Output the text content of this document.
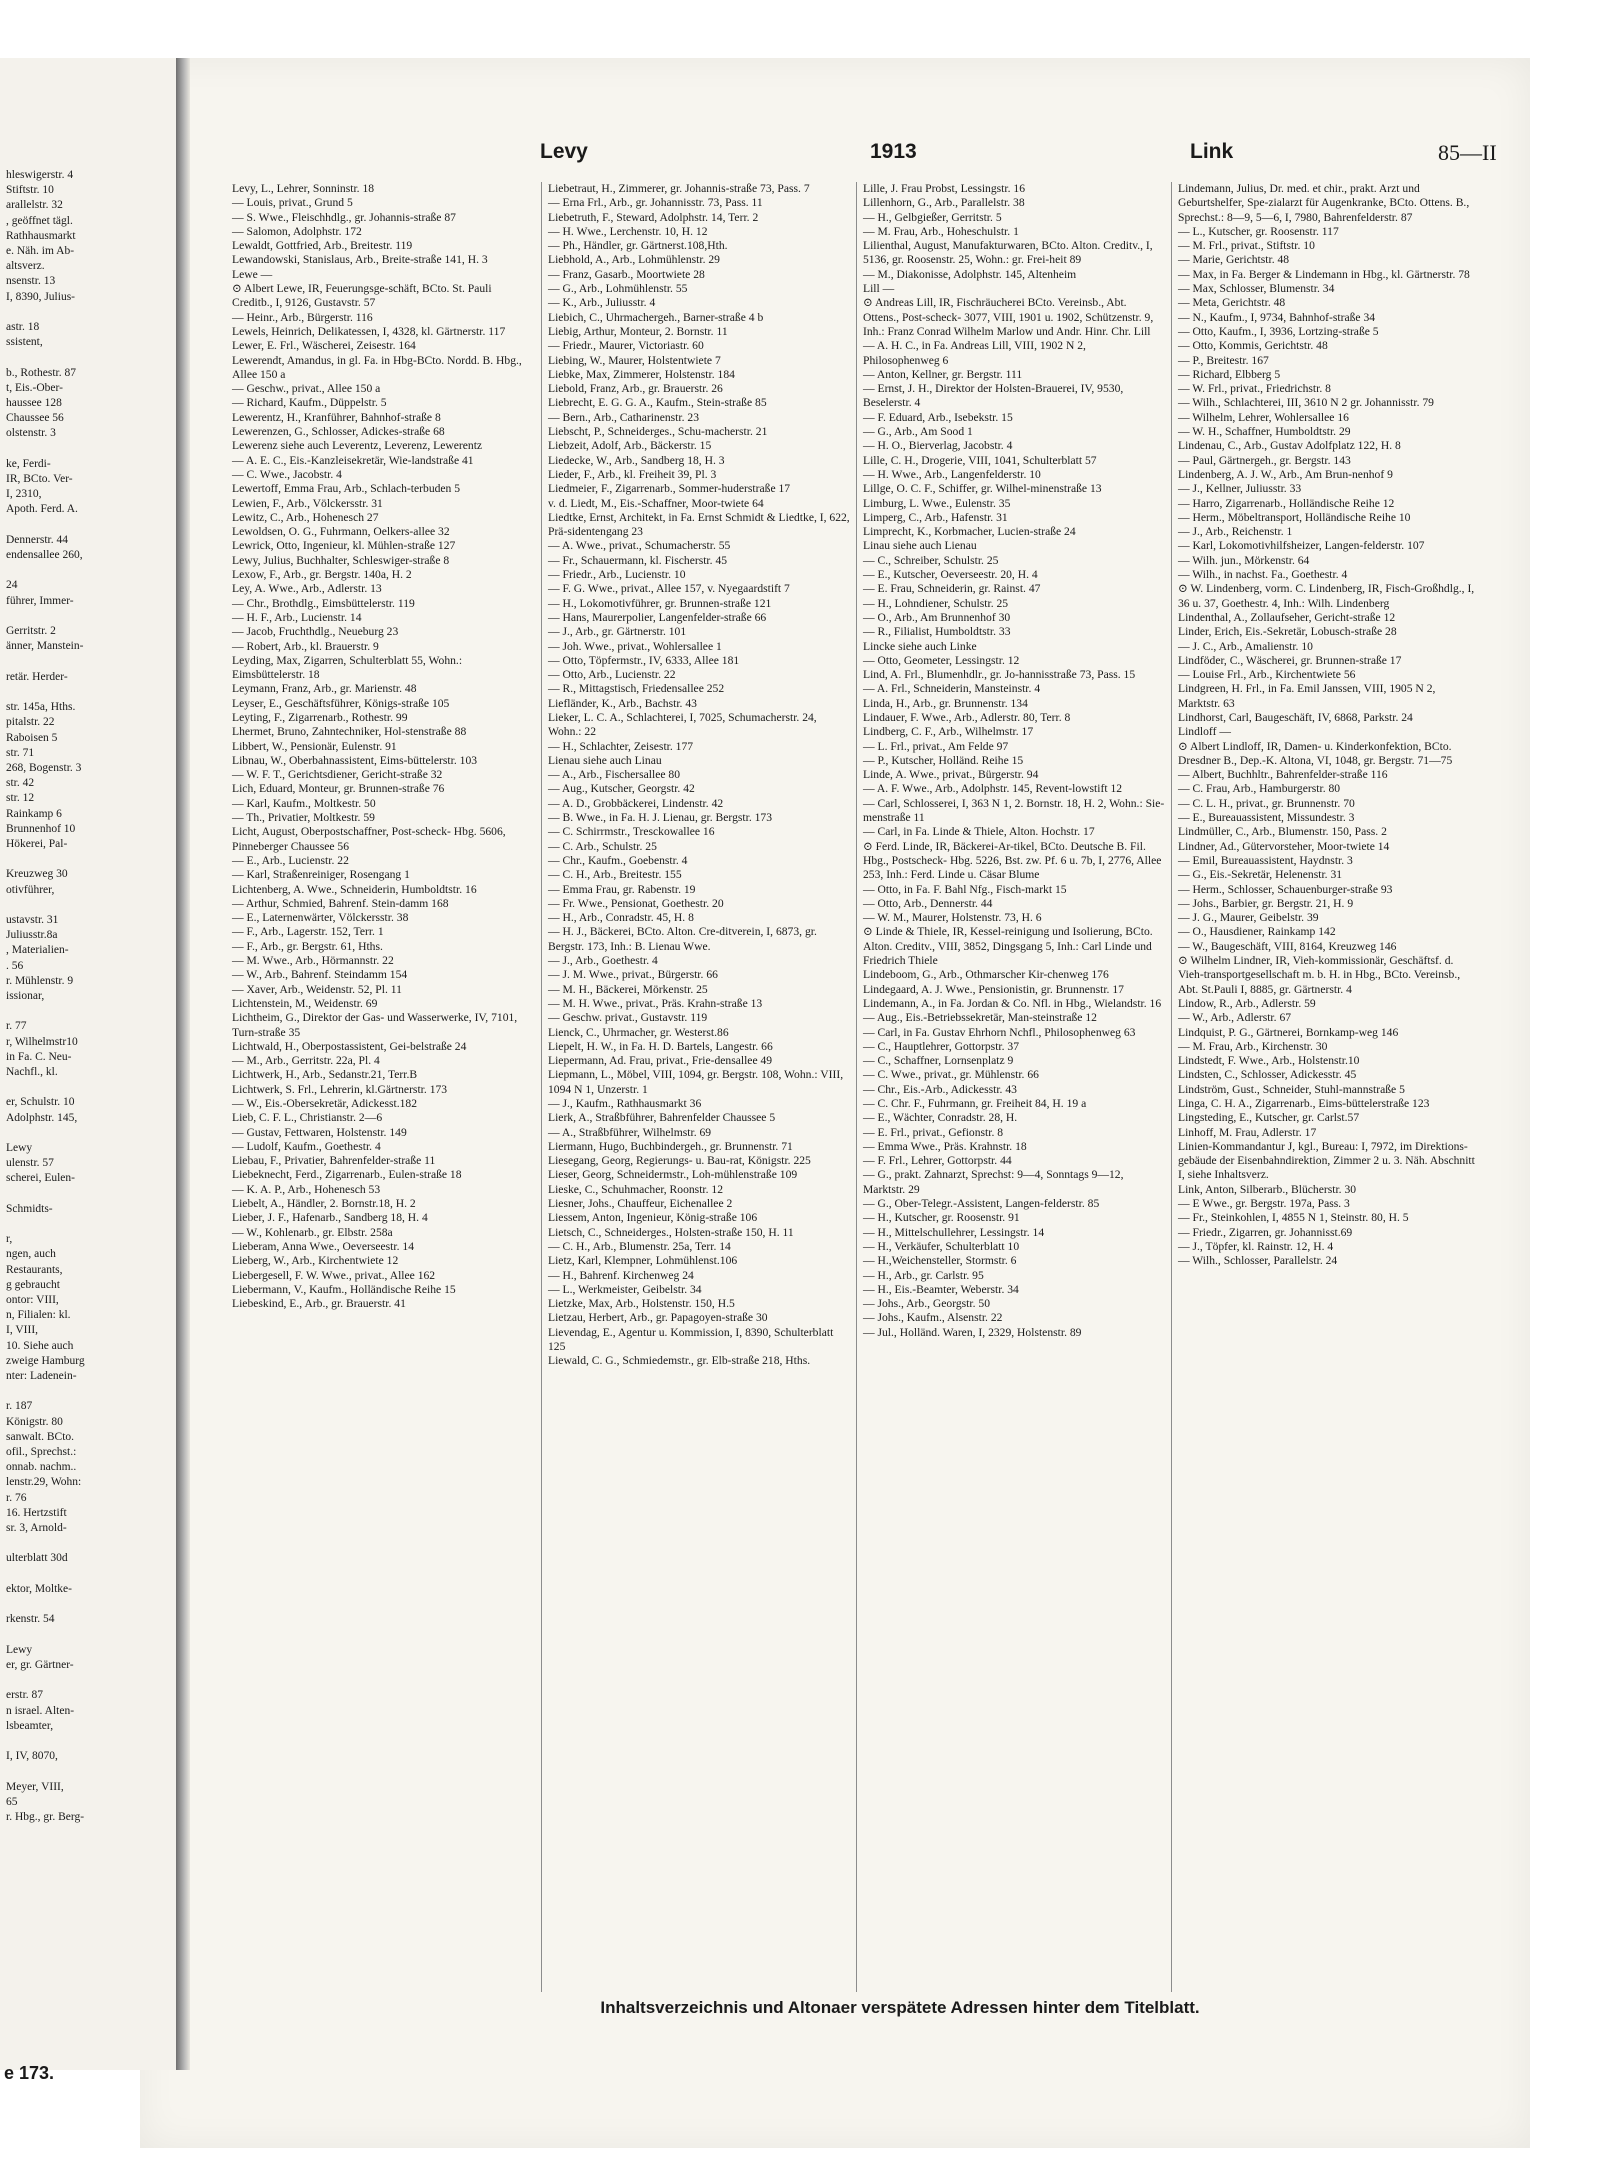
hleswigerstr. 4
Stiftstr. 10
arallelstr. 32
, geöffnet tägl.
Rathhausmarkt
e. Näh. im Ab-
altsverz.
nsenstr. 13
I, 8390, Julius-

astr. 18
ssistent,

b., Rothestr. 87
t, Eis.-Ober-
haussee 128
Chaussee 56
olstenstr. 3

ke, Ferdi-
IR, BCto. Ver-
I, 2310,
Apoth. Ferd. A.

Dennerstr. 44
endensallee 260,

24
führer, Immer-

Gerritstr. 2
änner, Manstein-

retär. Herder-

str. 145a, Hths.
pitalstr. 22
Raboisen 5
str. 71
268, Bogenstr. 3
str. 42
str. 12
Rainkamp 6
Brunnenhof 10
Hökerei, Pal-

Kreuzweg 30
otivführer,

ustavstr. 31
Juliusstr.8a
, Materialien-
. 56
r. Mühlenstr. 9
issionar,

r. 77
r, Wilhelmstr10
in Fa. C. Neu-
Nachfl., kl.

er, Schulstr. 10
Adolphstr. 145,

Lewy
ulenstr. 57
scherei, Eulen-

Schmidts-

r,
ngen, auch
Restaurants,
g gebraucht
ontor: VIII,
n, Filialen: kl.
I, VIII,
10. Siehe auch
zweige Hamburg
nter: Ladenein-

r. 187
Königstr. 80
sanwalt. BCto.
ofil., Sprechst.:
onnab. nachm..
lenstr.29, Wohn:
r. 76
16. Hertzstift
sr. 3, Arnold-

ulterblatt 30d

ektor, Moltke-

rkenstr. 54

Lewy
er, gr. Gärtner-

erstr. 87
n israel. Alten-
lsbeamter,

I, IV, 8070,

Meyer, VIII,
65
r. Hbg., gr. Berg-
e 173.
Levy	1913	Link	85—II

Levy, L., Lehrer, Sonninstr. 18

— Louis, privat., Grund 5

— S. Wwe., Fleischhdlg., gr. Johannis-straße 87

— Salomon, Adolphstr. 172

Lewaldt, Gottfried, Arb., Breitestr. 119

Lewandowski, Stanislaus, Arb., Breite-straße 141, H. 3

Lewe —

⊙ Albert Lewe, IR, Feuerungsge-schäft, BCto. St. Pauli Creditb., I, 9126, Gustavstr. 57

— Heinr., Arb., Bürgerstr. 116

Lewels, Heinrich, Delikatessen, I, 4328, kl. Gärtnerstr. 117

Lewer, E. Frl., Wäscherei, Zeisestr. 164

Lewerendt, Amandus, in gl. Fa. in Hbg-BCto. Nordd. B. Hbg., Allee 150 a

— Geschw., privat., Allee 150 a

— Richard, Kaufm., Düppelstr. 5

Lewerentz, H., Kranführer, Bahnhof-straße 8

Lewerenzen, G., Schlosser, Adickes-straße 68

Lewerenz siehe auch Leverentz, Leverenz, Lewerentz

— A. E. C., Eis.-Kanzleisekretär, Wie-landstraße 41

— C. Wwe., Jacobstr. 4

Lewertoff, Emma Frau, Arb., Schlach-terbuden 5

Lewien, F., Arb., Völckersstr. 31

Lewitz, C., Arb., Hohenesch 27

Lewoldsen, O. G., Fuhrmann, Oelkers-allee 32

Lewrick, Otto, Ingenieur, kl. Mühlen-straße 127

Lewy, Julius, Buchhalter, Schleswiger-straße 8

Lexow, F., Arb., gr. Bergstr. 140a, H. 2

Ley, A. Wwe., Arb., Adlerstr. 13

— Chr., Brothdlg., Eimsbüttelerstr. 119

— H. F., Arb., Lucienstr. 14

— Jacob, Fruchthdlg., Neueburg 23

— Robert, Arb., kl. Brauerstr. 9

Leyding, Max, Zigarren, Schulterblatt 55, Wohn.: Eimsbüttelerstr. 18

Leymann, Franz, Arb., gr. Marienstr. 48

Leyser, E., Geschäftsführer, Königs-straße 105

Leyting, F., Zigarrenarb., Rothestr. 99

Lhermet, Bruno, Zahntechniker, Hol-stenstraße 88

Libbert, W., Pensionär, Eulenstr. 91

Libnau, W., Oberbahnassistent, Eims-büttelerstr. 103

— W. F. T., Gerichtsdiener, Gericht-straße 32

Lich, Eduard, Monteur, gr. Brunnen-straße 76

— Karl, Kaufm., Moltkestr. 50

— Th., Privatier, Moltkestr. 59

Licht, August, Oberpostschaffner, Post-scheck- Hbg. 5606, Pinneberger Chaussee 56

— E., Arb., Lucienstr. 22

— Karl, Straßenreiniger, Rosengang 1

Lichtenberg, A. Wwe., Schneiderin, Humboldtstr. 16

— Arthur, Schmied, Bahrenf. Stein-damm 168

— E., Laternenwärter, Völckersstr. 38

— F., Arb., Lagerstr. 152, Terr. 1

— F., Arb., gr. Bergstr. 61, Hths.

— M. Wwe., Arb., Hörmannstr. 22

— W., Arb., Bahrenf. Steindamm 154

— Xaver, Arb., Weidenstr. 52, Pl. 11

Lichtenstein, M., Weidenstr. 69

Lichtheim, G., Direktor der Gas- und Wasserwerke, IV, 7101, Turn-straße 35

Lichtwald, H., Oberpostassistent, Gei-belstraße 24

— M., Arb., Gerritstr. 22a, Pl. 4

Lichtwerk, H., Arb., Sedanstr.21, Terr.B

Lichtwerk, S. Frl., Lehrerin, kl.Gärtnerstr. 173

— W., Eis.-Obersekretär, Adickesst.182

Lieb, C. F. L., Christianstr. 2—6

— Gustav, Fettwaren, Holstenstr. 149

— Ludolf, Kaufm., Goethestr. 4

Liebau, F., Privatier, Bahrenfelder-straße 11

Liebeknecht, Ferd., Zigarrenarb., Eulen-straße 18

— K. A. P., Arb., Hohenesch 53

Liebelt, A., Händler, 2. Bornstr.18, H. 2

Lieber, J. F., Hafenarb., Sandberg 18, H. 4

— W., Kohlenarb., gr. Elbstr. 258a

Lieberam, Anna Wwe., Oeverseestr. 14

Lieberg, W., Arb., Kirchentwiete 12

Liebergesell, F. W. Wwe., privat., Allee 162

Liebermann, V., Kaufm., Holländische Reihe 15

Liebeskind, E., Arb., gr. Brauerstr. 41

Liebetraut, H., Zimmerer, gr. Johannis-straße 73, Pass. 7

— Erna Frl., Arb., gr. Johannisstr. 73, Pass. 11

Liebetruth, F., Steward, Adolphstr. 14, Terr. 2

— H. Wwe., Lerchenstr. 10, H. 12

— Ph., Händler, gr. Gärtnerst.108,Hth.

Liebhold, A., Arb., Lohmühlenstr. 29

— Franz, Gasarb., Moortwiete 28

— G., Arb., Lohmühlenstr. 55

— K., Arb., Juliusstr. 4

Liebich, C., Uhrmachergeh., Barner-straße 4 b

Liebig, Arthur, Monteur, 2. Bornstr. 11

— Friedr., Maurer, Victoriastr. 60

Liebing, W., Maurer, Holstentwiete 7

Liebke, Max, Zimmerer, Holstenstr. 184

Liebold, Franz, Arb., gr. Brauerstr. 26

Liebrecht, E. G. G. A., Kaufm., Stein-straße 85

— Bern., Arb., Catharinenstr. 23

Liebscht, P., Schneiderges., Schu-macherstr. 21

Liebzeit, Adolf, Arb., Bäckerstr. 15

Liedecke, W., Arb., Sandberg 18, H. 3

Lieder, F., Arb., kl. Freiheit 39, Pl. 3

Liedmeier, F., Zigarrenarb., Sommer-huderstraße 17

v. d. Liedt, M., Eis.-Schaffner, Moor-twiete 64

Liedtke, Ernst, Architekt, in Fa. Ernst Schmidt & Liedtke, I, 622, Prä-sidentengang 23

— A. Wwe., privat., Schumacherstr. 55

— Fr., Schauermann, kl. Fischerstr. 45

— Friedr., Arb., Lucienstr. 10

— F. G. Wwe., privat., Allee 157, v. Nyegaardstift 7

— H., Lokomotivführer, gr. Brunnen-straße 121

— Hans, Maurerpolier, Langenfelder-straße 66

— J., Arb., gr. Gärtnerstr. 101

— Joh. Wwe., privat., Wohlersallee 1

— Otto, Töpfermstr., IV, 6333, Allee 181

— Otto, Arb., Lucienstr. 22

— R., Mittagstisch, Friedensallee 252

Liefländer, K., Arb., Bachstr. 43

Lieker, L. C. A., Schlachterei, I, 7025, Schumacherstr. 24, Wohn.: 22

— H., Schlachter, Zeisestr. 177

Lienau siehe auch Linau

— A., Arb., Fischersallee 80

— Aug., Kutscher, Georgstr. 42

— A. D., Grobbäckerei, Lindenstr. 42

— B. Wwe., in Fa. H. J. Lienau, gr. Bergstr. 173

— C. Schirrmstr., Tresckowallee 16

— C. Arb., Schulstr. 25

— Chr., Kaufm., Goebenstr. 4

— C. H., Arb., Breitestr. 155

— Emma Frau, gr. Rabenstr. 19

— Fr. Wwe., Pensionat, Goethestr. 20

— H., Arb., Conradstr. 45, H. 8

— H. J., Bäckerei, BCto. Alton. Cre-ditverein, I, 6873, gr. Bergstr. 173, Inh.: B. Lienau Wwe.

— J., Arb., Goethestr. 4

— J. M. Wwe., privat., Bürgerstr. 66

— M. H., Bäckerei, Mörkenstr. 25

— M. H. Wwe., privat., Präs. Krahn-straße 13

— Geschw. privat., Gustavstr. 119

Lienck, C., Uhrmacher, gr. Westerst.86

Liepelt, H. W., in Fa. H. D. Bartels, Langestr. 66

Liepermann, Ad. Frau, privat., Frie-densallee 49

Liepmann, L., Möbel, VIII, 1094, gr. Bergstr. 108, Wohn.: VIII, 1094 N 1, Unzerstr. 1

— J., Kaufm., Rathhausmarkt 36

Lierk, A., Straßbführer, Bahrenfelder Chaussee 5

— A., Straßbführer, Wilhelmstr. 69

Liermann, Hugo, Buchbindergeh., gr. Brunnenstr. 71

Liesegang, Georg, Regierungs- u. Bau-rat, Königstr. 225

Lieser, Georg, Schneidermstr., Loh-mühlenstraße 109

Lieske, C., Schuhmacher, Roonstr. 12

Liesner, Johs., Chauffeur, Eichenallee 2

Liessem, Anton, Ingenieur, König-straße 106

Lietsch, C., Schneiderges., Holsten-straße 150, H. 11

— C. H., Arb., Blumenstr. 25a, Terr. 14

Lietz, Karl, Klempner, Lohmühlenst.106

— H., Bahrenf. Kirchenweg 24

— L., Werkmeister, Geibelstr. 34

Lietzke, Max, Arb., Holstenstr. 150, H.5

Lietzau, Herbert, Arb., gr. Papagoyen-straße 30

Lievendag, E., Agentur u. Kommission, I, 8390, Schulterblatt 125

Liewald, C. G., Schmiedemstr., gr. Elb-straße 218, Hths.

Lille, J. Frau Probst, Lessingstr. 16

Lillenhorn, G., Arb., Parallelstr. 38

— H., Gelbgießer, Gerritstr. 5

— M. Frau, Arb., Hoheschulstr. 1

Lilienthal, August, Manufakturwaren, BCto. Alton. Creditv., I, 5136, gr. Roosenstr. 25, Wohn.: gr. Frei-heit 89

— M., Diakonisse, Adolphstr. 145, Altenheim

Lill —

⊙ Andreas Lill, IR, Fischräucherei BCto. Vereinsb., Abt. Ottens., Post-scheck- 3077, VIII, 1901 u. 1902, Schützenstr. 9, Inh.: Franz Conrad Wilhelm Marlow und Andr. Hinr. Chr. Lill

— A. H. C., in Fa. Andreas Lill, VIII, 1902 N 2, Philosophenweg 6

— Anton, Kellner, gr. Bergstr. 111

— Ernst, J. H., Direktor der Holsten-Brauerei, IV, 9530, Beselerstr. 4

— F. Eduard, Arb., Isebekstr. 15

— G., Arb., Am Sood 1

— H. O., Bierverlag, Jacobstr. 4

Lille, C. H., Drogerie, VIII, 1041, Schulterblatt 57

— H. Wwe., Arb., Langenfelderstr. 10

Lillge, O. C. F., Schiffer, gr. Wilhel-minenstraße 13

Limburg, L. Wwe., Eulenstr. 35

Limperg, C., Arb., Hafenstr. 31

Limprecht, K., Korbmacher, Lucien-straße 24

Linau siehe auch Lienau

— C., Schreiber, Schulstr. 25

— E., Kutscher, Oeverseestr. 20, H. 4

— E. Frau, Schneiderin, gr. Rainst. 47

— H., Lohndiener, Schulstr. 25

— O., Arb., Am Brunnenhof 30

— R., Filialist, Humboldtstr. 33

Lincke siehe auch Linke

— Otto, Geometer, Lessingstr. 12

Lind, A. Frl., Blumenhdlr., gr. Jo-hannisstraße 73, Pass. 15

— A. Frl., Schneiderin, Mansteinstr. 4

Linda, H., Arb., gr. Brunnenstr. 134

Lindauer, F. Wwe., Arb., Adlerstr. 80, Terr. 8

Lindberg, C. F., Arb., Wilhelmstr. 17

— L. Frl., privat., Am Felde 97

— P., Kutscher, Holländ. Reihe 15

Linde, A. Wwe., privat., Bürgerstr. 94

— A. F. Wwe., Arb., Adolphstr. 145, Revent-lowstift 12

— Carl, Schlosserei, I, 363 N 1, 2. Bornstr. 18, H. 2, Wohn.: Sie-menstraße 11

— Carl, in Fa. Linde & Thiele, Alton. Hochstr. 17

⊙ Ferd. Linde, IR, Bäckerei-Ar-tikel, BCto. Deutsche B. Fil. Hbg., Postscheck- Hbg. 5226, Bst. zw. Pf. 6 u. 7b, I, 2776, Allee 253, Inh.: Ferd. Linde u. Cäsar Blume

— Otto, in Fa. F. Bahl Nfg., Fisch-markt 15

— Otto, Arb., Dennerstr. 44

— W. M., Maurer, Holstenstr. 73, H. 6

⊙ Linde & Thiele, IR, Kessel-reinigung und Isolierung, BCto. Alton. Creditv., VIII, 3852, Dingsgang 5, Inh.: Carl Linde und Friedrich Thiele

Lindeboom, G., Arb., Othmarscher Kir-chenweg 176

Lindegaard, A. J. Wwe., Pensionistin, gr. Brunnenstr. 17

Lindemann, A., in Fa. Jordan & Co. Nfl. in Hbg., Wielandstr. 16

— Aug., Eis.-Betriebssekretär, Man-steinstraße 12

— Carl, in Fa. Gustav Ehrhorn Nchfl., Philosophenweg 63

— C., Hauptlehrer, Gottorpstr. 37

— C., Schaffner, Lornsenplatz 9

— C. Wwe., privat., gr. Mühlenstr. 66

— Chr., Eis.-Arb., Adickesstr. 43

— C. Chr. F., Fuhrmann, gr. Freiheit 84, H. 19 a

— E., Wächter, Conradstr. 28, H.

— E. Frl., privat., Gefionstr. 8

— Emma Wwe., Präs. Krahnstr. 18

— F. Frl., Lehrer, Gottorpstr. 44

— G., prakt. Zahnarzt, Sprechst: 9—4, Sonntags 9—12, Marktstr. 29

— G., Ober-Telegr.-Assistent, Langen-felderstr. 85

— H., Kutscher, gr. Roosenstr. 91

— H., Mittelschullehrer, Lessingstr. 14

— H., Verkäufer, Schulterblatt 10

— H.,Weichensteller, Stormstr. 6

— H., Arb., gr. Carlstr. 95

— H., Eis.-Beamter, Weberstr. 34

— Johs., Arb., Georgstr. 50

— Johs., Kaufm., Alsenstr. 22

— Jul., Holländ. Waren, I, 2329, Holstenstr. 89

Lindemann, Julius, Dr. med. et chir., prakt. Arzt und Geburtshelfer, Spe-zialarzt für Augenkranke, BCto. Ottens. B., Sprechst.: 8—9, 5—6, I, 7980, Bahrenfelderstr. 87

— L., Kutscher, gr. Roosenstr. 117

— M. Frl., privat., Stiftstr. 10

— Marie, Gerichtstr. 48

— Max, in Fa. Berger & Lindemann in Hbg., kl. Gärtnerstr. 78

— Max, Schlosser, Blumenstr. 34

— Meta, Gerichtstr. 48

— N., Kaufm., I, 9734, Bahnhof-straße 34

— Otto, Kaufm., I, 3936, Lortzing-straße 5

— Otto, Kommis, Gerichtstr. 48

— P., Breitestr. 167

— Richard, Elbberg 5

— W. Frl., privat., Friedrichstr. 8

— Wilh., Schlachterei, III, 3610 N 2 gr. Johannisstr. 79

— Wilhelm, Lehrer, Wohlersallee 16

— W. H., Schaffner, Humboldtstr. 29

Lindenau, C., Arb., Gustav Adolfplatz 122, H. 8

— Paul, Gärtnergeh., gr. Bergstr. 143

Lindenberg, A. J. W., Arb., Am Brun-nenhof 9

— J., Kellner, Juliusstr. 33

— Harro, Zigarrenarb., Holländische Reihe 12

— Herm., Möbeltransport, Holländische Reihe 10

— J., Arb., Reichenstr. 1

— Karl, Lokomotivhilfsheizer, Langen-felderstr. 107

— Wilh. jun., Mörkenstr. 64

— Wilh., in nachst. Fa., Goethestr. 4

⊙ W. Lindenberg, vorm. C. Lindenberg, IR, Fisch-Großhdlg., I, 36 u. 37, Goethestr. 4, Inh.: Wilh. Lindenberg

Lindenthal, A., Zollaufseher, Gericht-straße 12

Linder, Erich, Eis.-Sekretär, Lobusch-straße 28

— J. C., Arb., Amalienstr. 10

Lindföder, C., Wäscherei, gr. Brunnen-straße 17

— Louise Frl., Arb., Kirchentwiete 56

Lindgreen, H. Frl., in Fa. Emil Janssen, VIII, 1905 N 2, Marktstr. 63

Lindhorst, Carl, Baugeschäft, IV, 6868, Parkstr. 24

Lindloff —

⊙ Albert Lindloff, IR, Damen- u. Kinderkonfektion, BCto. Dresdner B., Dep.-K. Altona, VI, 1048, gr. Bergstr. 71—75

— Albert, Buchhltr., Bahrenfelder-straße 116

— C. Frau, Arb., Hamburgerstr. 80

— C. L. H., privat., gr. Brunnenstr. 70

— E., Bureauassistent, Missundestr. 3

Lindmüller, C., Arb., Blumenstr. 150, Pass. 2

Lindner, Ad., Gütervorsteher, Moor-twiete 14

— Emil, Bureauassistent, Haydnstr. 3

— G., Eis.-Sekretär, Helenenstr. 31

— Herm., Schlosser, Schauenburger-straße 93

— Johs., Barbier, gr. Bergstr. 21, H. 9

— J. G., Maurer, Geibelstr. 39

— O., Hausdiener, Rainkamp 142

— W., Baugeschäft, VIII, 8164, Kreuzweg 146

⊙ Wilhelm Lindner, IR, Vieh-kommissionär, Geschäftsf. d. Vieh-transportgesellschaft m. b. H. in Hbg., BCto. Vereinsb., Abt. St.Pauli I, 8885, gr. Gärtnerstr. 4

Lindow, R., Arb., Adlerstr. 59

— W., Arb., Adlerstr. 67

Lindquist, P. G., Gärtnerei, Bornkamp-weg 146

— M. Frau, Arb., Kirchenstr. 30

Lindstedt, F. Wwe., Arb., Holstenstr.10

Lindsten, C., Schlosser, Adickesstr. 45

Lindström, Gust., Schneider, Stuhl-mannstraße 5

Linga, C. H. A., Zigarrenarb., Eims-büttelerstraße 123

Lingsteding, E., Kutscher, gr. Carlst.57

Linhoff, M. Frau, Adlerstr. 17

Linien-Kommandantur J, kgl., Bureau: I, 7972, im Direktions-gebäude der Eisenbahndirektion, Zimmer 2 u. 3. Näh. Abschnitt I, siehe Inhaltsverz.

Link, Anton, Silberarb., Blücherstr. 30

— E Wwe., gr. Bergstr. 197a, Pass. 3

— Fr., Steinkohlen, I, 4855 N 1, Steinstr. 80, H. 5

— Friedr., Zigarren, gr. Johannisst.69

— J., Töpfer, kl. Rainstr. 12, H. 4

— Wilh., Schlosser, Parallelstr. 24

Inhaltsverzeichnis und Altonaer verspätete Adressen hinter dem Titelblatt.
